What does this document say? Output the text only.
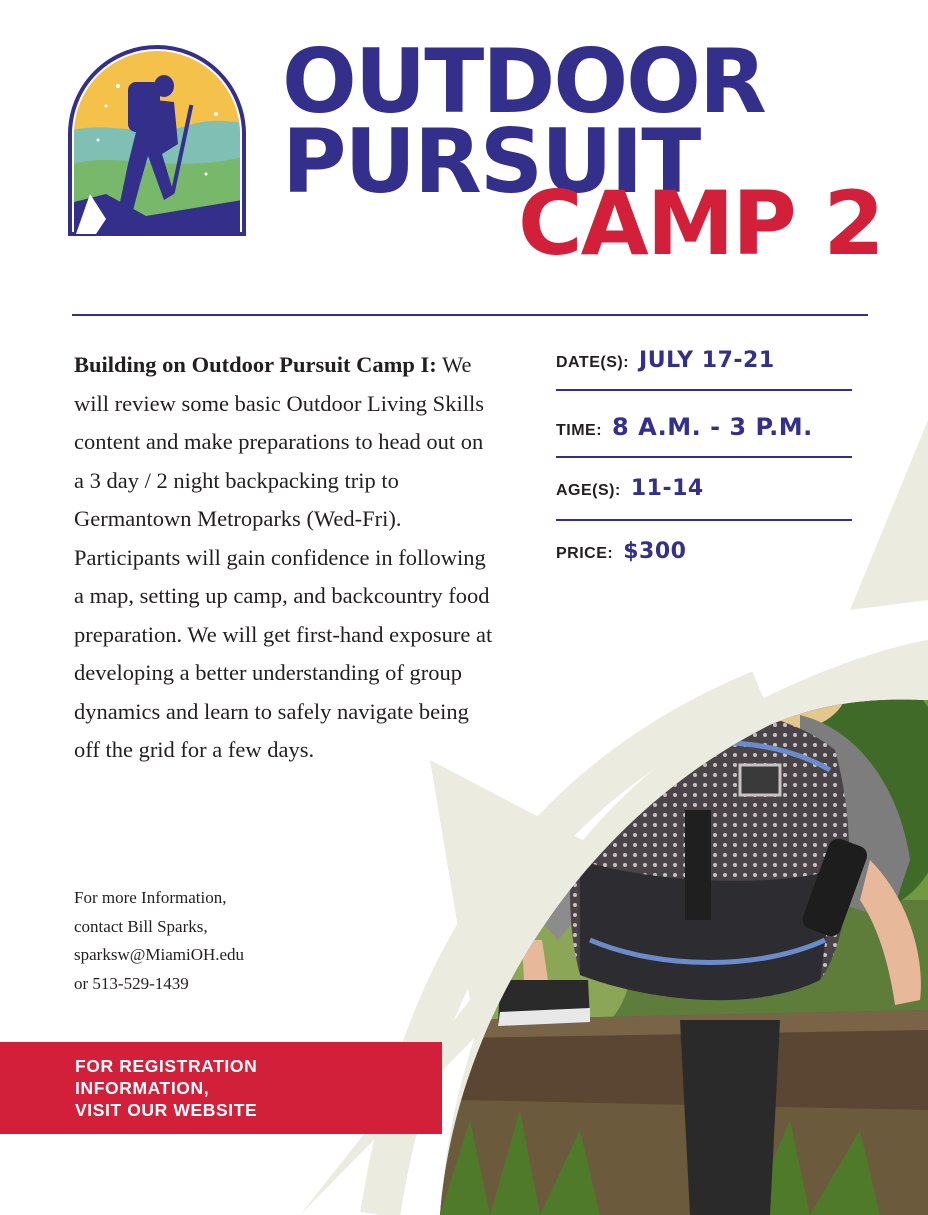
OUTDOOR
PURSUIT
CAMP 2
Building on Outdoor Pursuit Camp I: We will review some basic Outdoor Living Skills content and make preparations to head out on a 3 day / 2 night backpacking trip to Germantown Metroparks (Wed-Fri). Participants will gain confidence in following a map, setting up camp, and backcountry food preparation. We will get first-hand exposure at developing a better understanding of group dynamics and learn to safely navigate being off the grid for a few days.
DATE(S): JULY 17-21
TIME: 8 A.M. - 3 P.M.
AGE(S): 11-14
PRICE: $300
For more Information,
contact Bill Sparks,
sparksw@MiamiOH.edu
or 513-529-1439
FOR REGISTRATION
INFORMATION,
VISIT OUR WEBSITE
